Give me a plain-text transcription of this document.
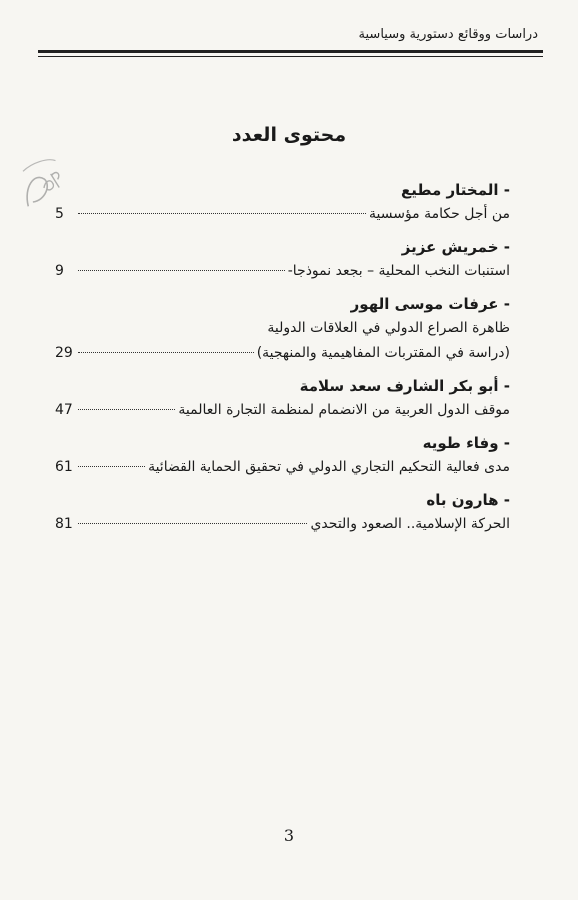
دراسات ووقائع دستورية وسياسية
محتوى العدد
- المختار مطيع
من أجل حكامة مؤسسية
5
- خمريش عزيز
استنبات النخب المحلية – بجعد نموذجا-
9
- عرفات موسى الهور
ظاهرة الصراع الدولي في العلاقات الدولية
(دراسة في المقتربات المفاهيمية والمنهجية)
29
- أبو بكر الشارف سعد سلامة
موقف الدول العربية من الانضمام لمنظمة التجارة العالمية
47
- وفاء طويه
مدى فعالية التحكيم التجاري الدولي في تحقيق الحماية القضائية
61
- هارون باه
الحركة الإسلامية.. الصعود والتحدي
81
3
